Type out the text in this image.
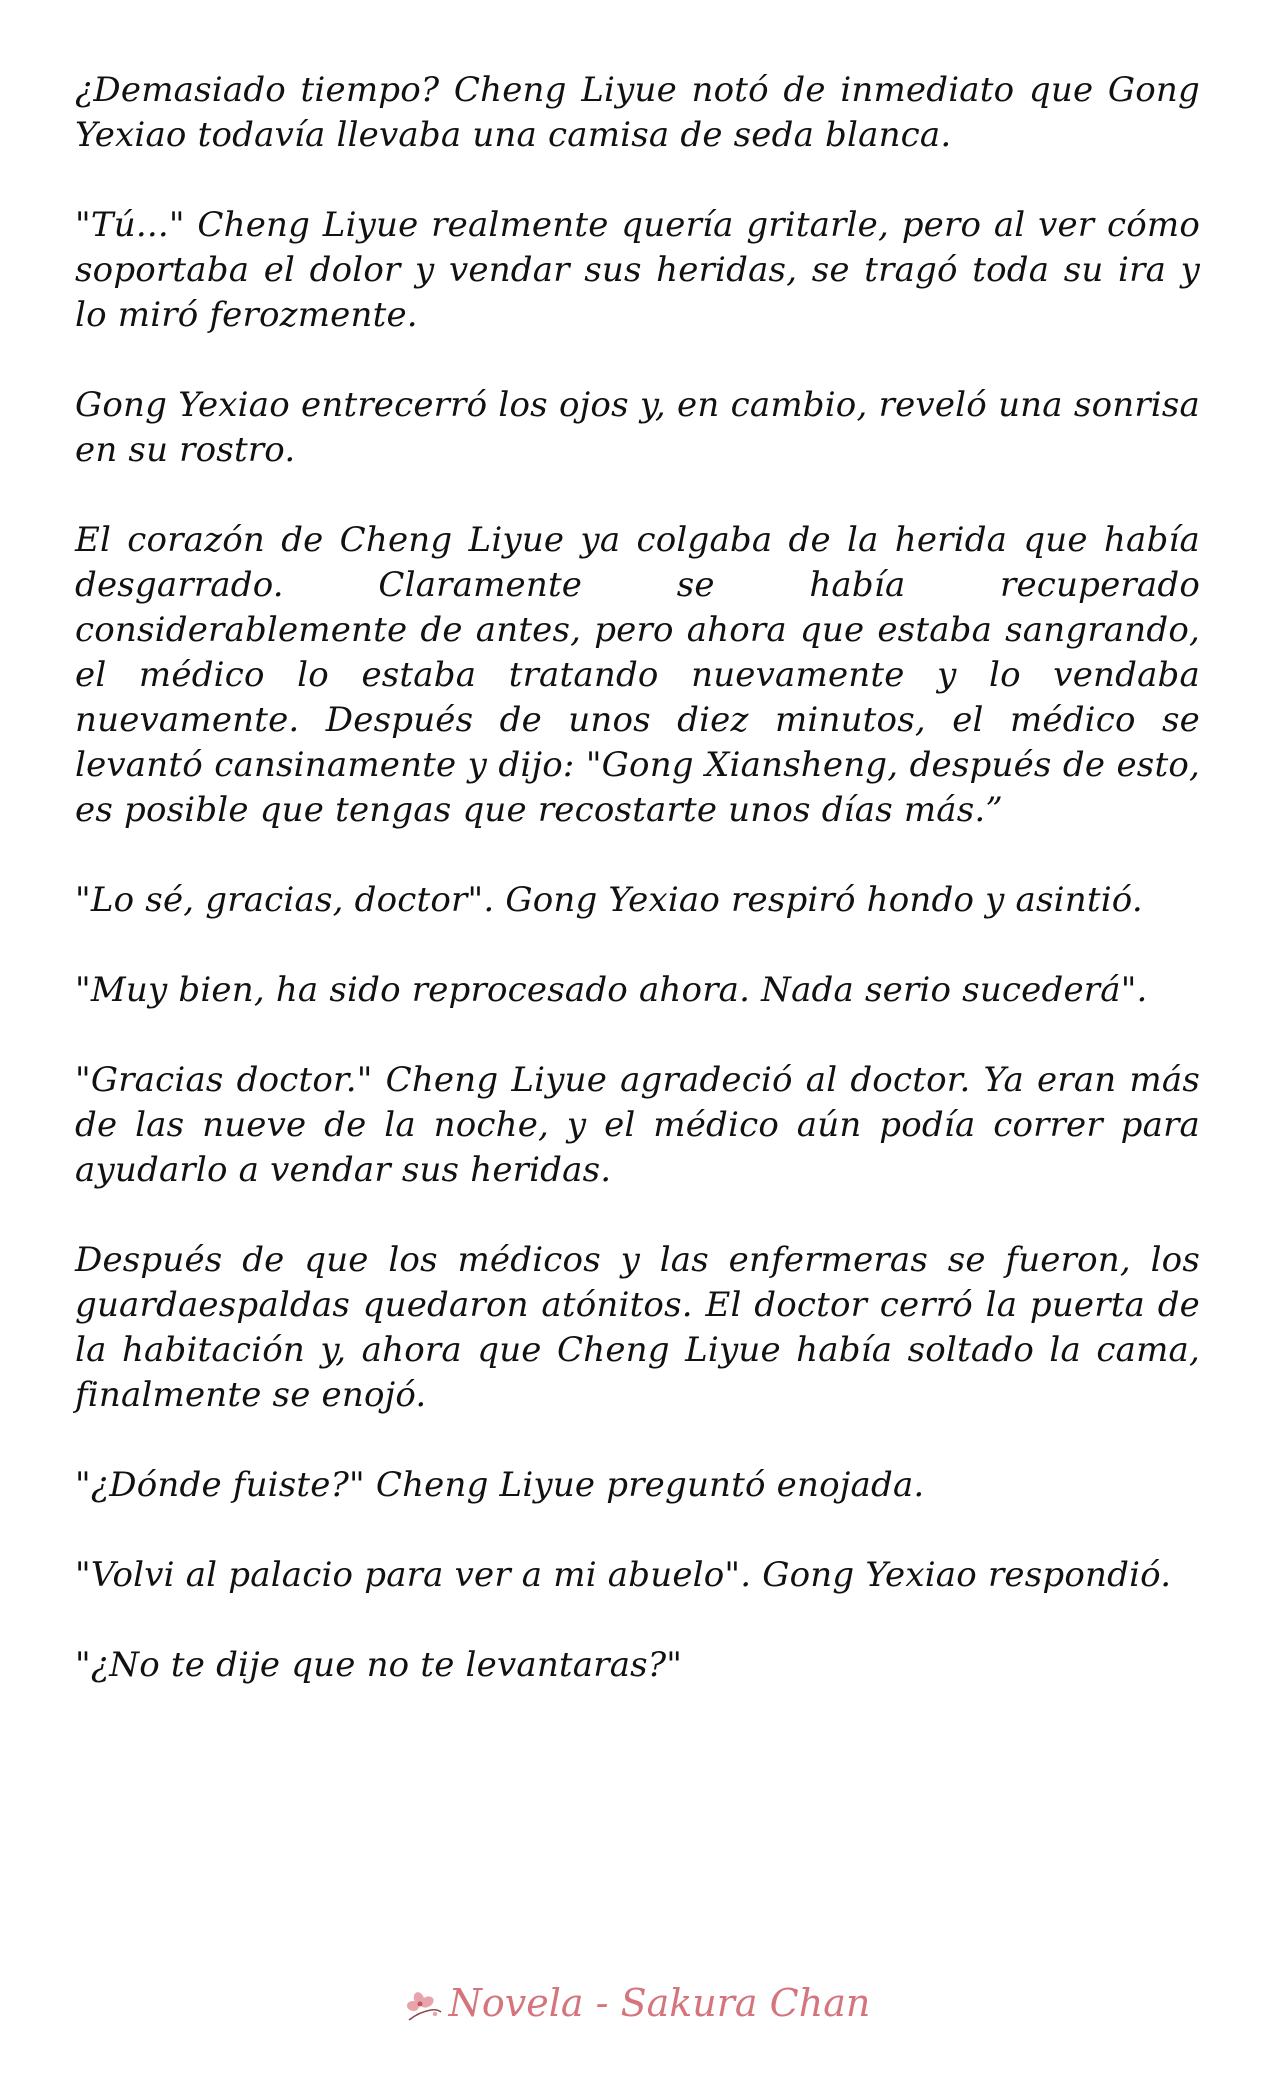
¿Demasiado tiempo? Cheng Liyue notó de inmediato que Gong Yexiao todavía llevaba una camisa de seda blanca.

"Tú..." Cheng Liyue realmente quería gritarle, pero al ver cómo soportaba el dolor y vendar sus heridas, se tragó toda su ira y lo miró ferozmente.

Gong Yexiao entrecerró los ojos y, en cambio, reveló una sonrisa en su rostro.

El corazón de Cheng Liyue ya colgaba de la herida que había desgarrado. Claramente se había recuperado considerablemente de antes, pero ahora que estaba sangrando, el médico lo estaba tratando nuevamente y lo vendaba nuevamente. Después de unos diez minutos, el médico se levantó cansinamente y dijo: "Gong Xiansheng, después de esto, es posible que tengas que recostarte unos días más.”

"Lo sé, gracias, doctor". Gong Yexiao respiró hondo y asintió.

"Muy bien, ha sido reprocesado ahora. Nada serio sucederá".

"Gracias doctor." Cheng Liyue agradeció al doctor. Ya eran más de las nueve de la noche, y el médico aún podía correr para ayudarlo a vendar sus heridas.

Después de que los médicos y las enfermeras se fueron, los guardaespaldas quedaron atónitos. El doctor cerró la puerta de la habitación y, ahora que Cheng Liyue había soltado la cama, finalmente se enojó.

"¿Dónde fuiste?" Cheng Liyue preguntó enojada.

"Volvi al palacio para ver a mi abuelo". Gong Yexiao respondió.

"¿No te dije que no te levantaras?"

Novela - Sakura Chan
